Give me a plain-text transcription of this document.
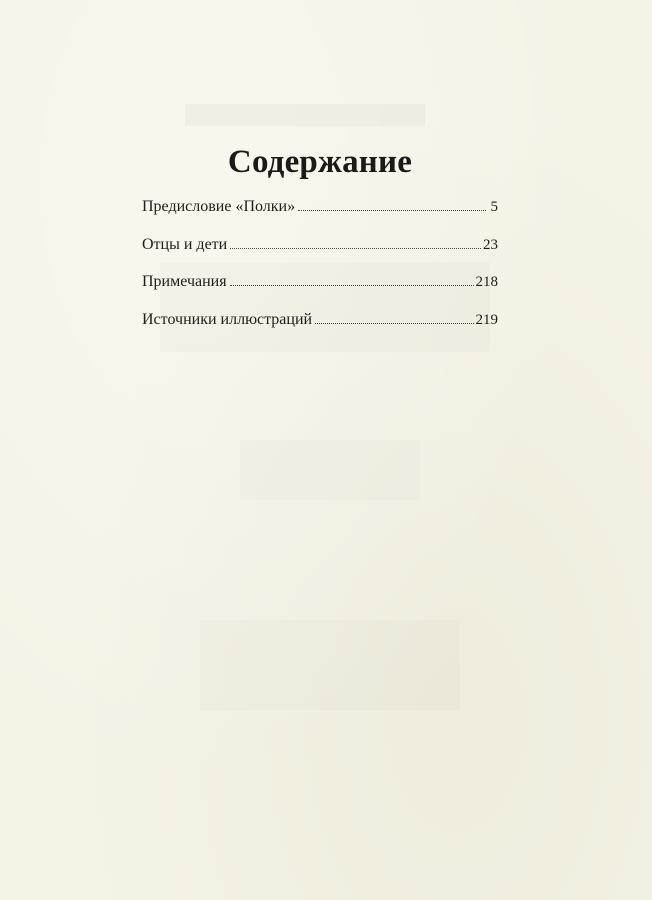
Содержание
Предисловие «Полки»	5
Отцы и дети	23
Примечания	218
Источники иллюстраций	219
